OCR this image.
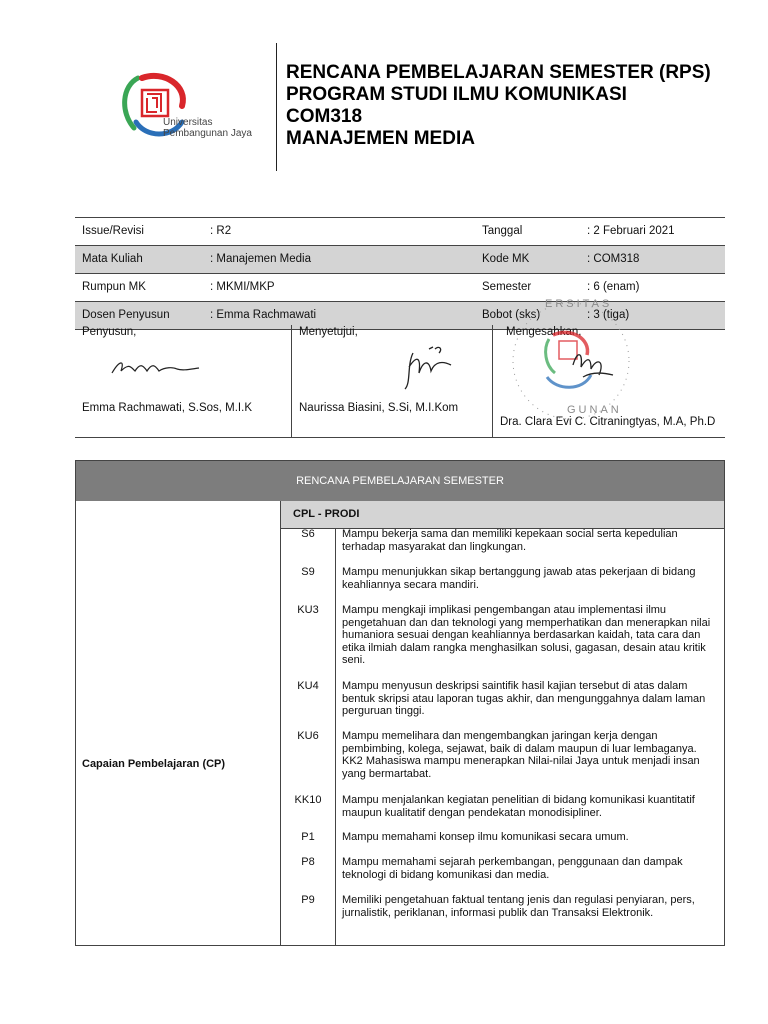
Universitas
Pembangunan Jaya
RENCANA PEMBELAJARAN SEMESTER (RPS)
PROGRAM STUDI ILMU KOMUNIKASI
COM318
MANAJEMEN MEDIA
Issue/Revisi	: R2	Tanggal	: 2 Februari 2021
Mata Kuliah	: Manajemen Media	Kode MK	: COM318
Rumpun MK	: MKMI/MKP	Semester	: 6 (enam)
Dosen Penyusun	: Emma Rachmawati	Bobot (sks)	: 3 (tiga)
Penyusun,
Emma Rachmawati, S.Sos, M.I.K
Menyetujui,
Naurissa Biasini, S.Si, M.I.Kom
Mengesahkan,
ERSITAS
GUNAN
Dra. Clara Evi C. Citraningtyas, M.A, Ph.D
RENCANA PEMBELAJARAN SEMESTER
Capaian Pembelajaran (CP)
CPL - PRODI
S6	Mampu bekerja sama dan memiliki kepekaan social serta kepedulian terhadap masyarakat dan lingkungan.
S9	Mampu menunjukkan sikap bertanggung jawab atas pekerjaan di bidang keahliannya secara mandiri.
KU3	Mampu mengkaji implikasi pengembangan atau implementasi ilmu pengetahuan dan dan teknologi yang memperhatikan dan menerapkan nilai humaniora sesuai dengan keahliannya berdasarkan kaidah, tata cara dan etika ilmiah dalam rangka menghasilkan solusi, gagasan, desain atau kritik seni.
KU4	Mampu menyusun deskripsi saintifik hasil kajian tersebut di atas dalam bentuk skripsi atau laporan tugas akhir, dan mengunggahnya dalam laman perguruan tinggi.
KU6	Mampu memelihara dan mengembangkan jaringan kerja dengan pembimbing, kolega, sejawat, baik di dalam maupun di luar lembaganya. KK2 Mahasiswa mampu menerapkan Nilai-nilai Jaya untuk menjadi insan yang bermartabat.
KK10	Mampu menjalankan kegiatan penelitian di bidang komunikasi kuantitatif maupun kualitatif dengan pendekatan monodisipliner.
P1	Mampu memahami konsep ilmu komunikasi secara umum.
P8	Mampu memahami sejarah perkembangan, penggunaan dan dampak teknologi di bidang komunikasi dan media.
P9	Memiliki pengetahuan faktual tentang jenis dan regulasi penyiaran, pers, jurnalistik, periklanan, informasi publik dan Transaksi Elektronik.
